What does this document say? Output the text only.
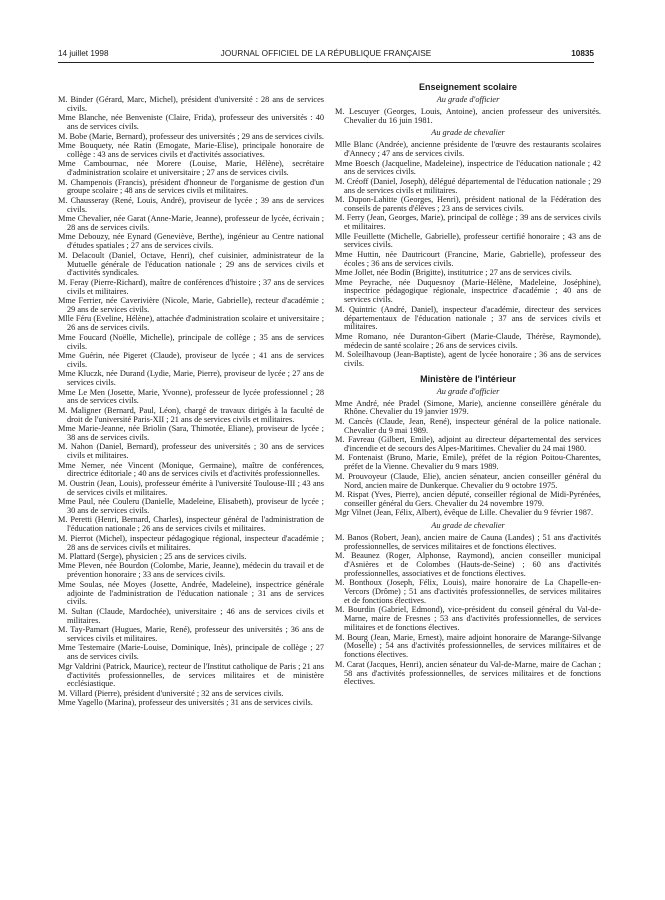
14 juillet 1998	JOURNAL OFFICIEL DE LA RÉPUBLIQUE FRANÇAISE	10835

M. Binder (Gérard, Marc, Michel), président d'université : 28 ans de services civils.

Mme Blanche, née Benveniste (Claire, Frida), professeur des universités : 40 ans de services civils.

M. Bobe (Marie, Bernard), professeur des universités ; 29 ans de services civils.

Mme Bouquety, née Ratin (Emogate, Marie-Elise), principale honoraire de collège : 43 ans de services civils et d'activités associatives.

Mme Cambournac, née Morere (Louise, Marie, Hélène), secrétaire d'administration scolaire et universitaire ; 27 ans de services civils.

M. Champenois (Francis), président d'honneur de l'organisme de gestion d'un groupe scolaire ; 48 ans de services civils et militaires.

M. Chausseray (René, Louis, André), proviseur de lycée ; 39 ans de services civils.

Mme Chevalier, née Garat (Anne-Marie, Jeanne), professeur de lycée, écrivain ; 28 ans de services civils.

Mme Debouzy, née Eynard (Geneviève, Berthe), ingénieur au Centre national d'études spatiales ; 27 ans de services civils.

M. Delacoult (Daniel, Octave, Henri), chef cuisinier, administrateur de la Mutuelle générale de l'éducation nationale ; 29 ans de services civils et d'activités syndicales.

M. Feray (Pierre-Richard), maître de conférences d'histoire ; 37 ans de services civils et militaires.

Mme Ferrier, née Caverivière (Nicole, Marie, Gabrielle), recteur d'académie ; 29 ans de services civils.

Mlle Féru (Eveline, Hélène), attachée d'administration scolaire et universitaire ; 26 ans de services civils.

Mme Foucard (Noëlle, Michelle), principale de collège ; 35 ans de services civils.

Mme Guérin, née Pigeret (Claude), proviseur de lycée ; 41 ans de services civils.

Mme Kluczk, née Durand (Lydie, Marie, Pierre), proviseur de lycée ; 27 ans de services civils.

Mme Le Men (Josette, Marie, Yvonne), professeur de lycée professionnel ; 28 ans de services civils.

M. Maligner (Bernard, Paul, Léon), chargé de travaux dirigés à la faculté de droit de l'université Paris-XII ; 21 ans de services civils et militaires.

Mme Marie-Jeanne, née Briolin (Sara, Thimotée, Eliane), proviseur de lycée ; 38 ans de services civils.

M. Nahon (Daniel, Bernard), professeur des universités ; 30 ans de services civils et militaires.

Mme Nemer, née Vincent (Monique, Germaine), maître de conférences, directrice éditoriale ; 40 ans de services civils et d'activités professionnelles.

M. Oustrin (Jean, Louis), professeur émérite à l'université Toulouse-III ; 43 ans de services civils et militaires.

Mme Paul, née Couleru (Danielle, Madeleine, Elisabeth), proviseur de lycée ; 30 ans de services civils.

M. Peretti (Henri, Bernard, Charles), inspecteur général de l'administration de l'éducation nationale ; 26 ans de services civils et militaires.

M. Pierrot (Michel), inspecteur pédagogique régional, inspecteur d'académie ; 28 ans de services civils et militaires.

M. Plattard (Serge), physicien ; 25 ans de services civils.

Mme Pleven, née Bourdon (Colombe, Marie, Jeanne), médecin du travail et de prévention honoraire ; 33 ans de services civils.

Mme Soulas, née Moyes (Josette, Andrée, Madeleine), inspectrice générale adjointe de l'administration de l'éducation nationale ; 31 ans de services civils.

M. Sultan (Claude, Mardochée), universitaire ; 46 ans de services civils et militaires.

M. Tay-Pamart (Hugues, Marie, René), professeur des universités ; 36 ans de services civils et militaires.

Mme Testemaire (Marie-Louise, Dominique, Inès), principale de collège ; 27 ans de services civils.

Mgr Valdrini (Patrick, Maurice), recteur de l'Institut catholique de Paris ; 21 ans d'activités professionnelles, de services militaires et de ministère ecclésiastique.

M. Villard (Pierre), président d'université ; 32 ans de services civils.

Mme Yagello (Marina), professeur des universités ; 31 ans de services civils.

Enseignement scolaire
Au grade d'officier

M. Lescuyer (Georges, Louis, Antoine), ancien professeur des universités. Chevalier du 16 juin 1981.

Au grade de chevalier

Mlle Blanc (Andrée), ancienne présidente de l'œuvre des restaurants scolaires d'Annecy ; 47 ans de services civils.

Mme Boesch (Jacqueline, Madeleine), inspectrice de l'éducation nationale ; 42 ans de services civils.

M. Créoff (Daniel, Joseph), délégué départemental de l'éducation nationale ; 29 ans de services civils et militaires.

M. Dupon-Lahitte (Georges, Henri), président national de la Fédération des conseils de parents d'élèves ; 23 ans de services civils.

M. Ferry (Jean, Georges, Marie), principal de collège ; 39 ans de services civils et militaires.

Mlle Feuillette (Michelle, Gabrielle), professeur certifié honoraire ; 43 ans de services civils.

Mme Huttin, née Dautricourt (Francine, Marie, Gabrielle), professeur des écoles ; 36 ans de services civils.

Mme Jollet, née Bodin (Brigitte), institutrice ; 27 ans de services civils.

Mme Peyrache, née Duquesnoy (Marie-Hélène, Madeleine, Joséphine), inspectrice pédagogique régionale, inspectrice d'académie ; 40 ans de services civils.

M. Quintric (André, Daniel), inspecteur d'académie, directeur des services départementaux de l'éducation nationale ; 37 ans de services civils et militaires.

Mme Romano, née Duranton-Gibert (Marie-Claude, Thérèse, Raymonde), médecin de santé scolaire ; 26 ans de services civils.

M. Soleilhavoup (Jean-Baptiste), agent de lycée honoraire ; 36 ans de services civils.

Ministère de l'intérieur
Au grade d'officier

Mme André, née Pradel (Simone, Marie), ancienne conseillère générale du Rhône. Chevalier du 19 janvier 1979.

M. Cancès (Claude, Jean, René), inspecteur général de la police nationale. Chevalier du 9 mai 1989.

M. Favreau (Gilbert, Emile), adjoint au directeur départemental des services d'incendie et de secours des Alpes-Maritimes. Chevalier du 24 mai 1980.

M. Fontenaist (Bruno, Marie, Emile), préfet de la région Poitou-Charentes, préfet de la Vienne. Chevalier du 9 mars 1989.

M. Prouvoyeur (Claude, Elie), ancien sénateur, ancien conseiller général du Nord, ancien maire de Dunkerque. Chevalier du 9 octobre 1975.

M. Rispat (Yves, Pierre), ancien député, conseiller régional de Midi-Pyrénées, conseiller général du Gers. Chevalier du 24 novembre 1979.

Mgr Vilnet (Jean, Félix, Albert), évêque de Lille. Chevalier du 9 février 1987.

Au grade de chevalier

M. Banos (Robert, Jean), ancien maire de Cauna (Landes) ; 51 ans d'activités professionnelles, de services militaires et de fonctions électives.

M. Beaunez (Roger, Alphonse, Raymond), ancien conseiller municipal d'Asnières et de Colombes (Hauts-de-Seine) ; 60 ans d'activités professionnelles, associatives et de fonctions électives.

M. Bonthoux (Joseph, Félix, Louis), maire honoraire de La Chapelle-en-Vercors (Drôme) ; 51 ans d'activités professionnelles, de services militaires et de fonctions électives.

M. Bourdin (Gabriel, Edmond), vice-président du conseil général du Val-de-Marne, maire de Fresnes ; 53 ans d'activités professionnelles, de services militaires et de fonctions électives.

M. Bourg (Jean, Marie, Ernest), maire adjoint honoraire de Marange-Silvange (Moselle) ; 54 ans d'activités professionnelles, de services militaires et de fonctions électives.

M. Carat (Jacques, Henri), ancien sénateur du Val-de-Marne, maire de Cachan ; 58 ans d'activités professionnelles, de services militaires et de fonctions électives.
